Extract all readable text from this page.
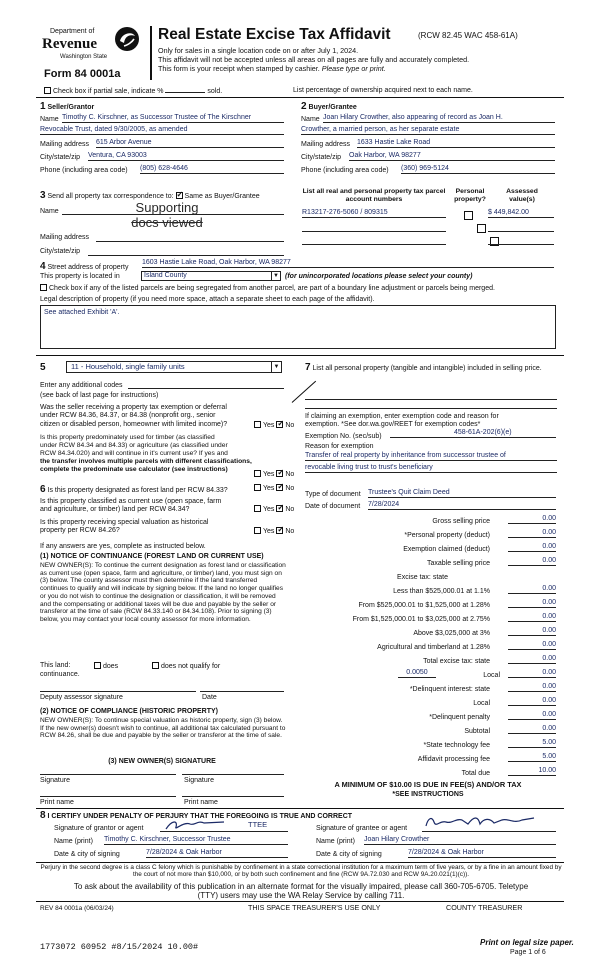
Department of
Revenue
Washington State
Form 84 0001a
Real Estate Excise Tax Affidavit	(RCW 82.45 WAC 458-61A)
Only for sales in a single location code on or after July 1, 2024.
This affidavit will not be accepted unless all areas on all pages are fully and accurately completed.
This form is your receipt when stamped by cashier. Please type or print.
Check box if partial sale, indicate %	sold.	List percentage of ownership acquired next to each name.
1 Seller/Grantor
Name Timothy C. Kirschner, as Successor Trustee of The Kirschner
Revocable Trust, dated 9/30/2005, as amended
Mailing address 615 Arbor Avenue
City/state/zip Ventura, CA 93003
Phone (including area code) (805) 628-4646
2 Buyer/Grantee
Name Joan Hilary Crowther, also appearing of record as Joan H.
Crowther, a married person, as her separate estate
Mailing address 1633 Hastie Lake Road
City/state/zip Oak Harbor, WA 98277
Phone (including area code) (360) 969-5124
3 Send all property tax correspondence to: ✓ Same as Buyer/Grantee
Name	Supporting
docs viewed
Mailing address
City/state/zip
List all real and personal property tax parcel account numbers
Personal property?
Assessed value(s)
R13217-276-5060 / 809315	$ 449,842.00

4 Street address of property
1603 Hastie Lake Road, Oak Harbor, WA 98277
This property is located in	Island County	▼ (for unincorporated locations please select your county)
Check box if any of the listed parcels are being segregated from another parcel, are part of a boundary line adjustment or parcels being merged.
Legal description of property (if you need more space, attach a separate sheet to each page of the affidavit).
See attached Exhibit 'A'.
5	11 - Household, single family units	▼
Enter any additional codes
(see back of last page for instructions)
Was the seller receiving a property tax exemption or deferral
under RCW 84.36, 84.37, or 84.38 (nonprofit org., senior
citizen or disabled person, homeowner with limited income)?	Yes ✓ No
Is this property predominately used for timber (as classified
under RCW 84.34 and 84.33) or agriculture (as classified under
RCW 84.34.020) and will continue in it's current use? If yes and
the transfer involves multiple parcels with different classifications,
complete the predominate use calculator (see instructions)
Yes ✓ No
6 Is this property designated as forest land per RCW 84.33?	Yes ✓ No
Is this property classified as current use (open space, farm
and agriculture, or timber) land per RCW 84.34?	Yes ✓ No
Is this property receiving special valuation as historical
property per RCW 84.26?	Yes ✓ No
If any answers are yes, complete as instructed below.
(1) NOTICE OF CONTINUANCE (FOREST LAND OR CURRENT USE)
NEW OWNER(S): To continue the current designation as forest land or classification as current use (open space, farm and agriculture, or timber) land, you must sign on (3) below. The county assessor must then determine if the land transferred continues to qualify and will indicate by signing below. If the land no longer qualifies or you do not wish to continue the designation or classification, it will be removed and the compensating or additional taxes will be due and payable by the seller or transferor at the time of sale (RCW 84.33.140 or 84.34.108). Prior to signing (3) below, you may contact your local county assessor for more information.
This land:	does	does not qualify for
continuance.
Deputy assessor signature	Date
(2) NOTICE OF COMPLIANCE (HISTORIC PROPERTY)
NEW OWNER(S): To continue special valuation as historic property, sign (3) below. If the new owner(s) doesn't wish to continue, all additional tax calculated pursuant to RCW 84.26, shall be due and payable by the seller or transferor at the time of sale.
(3) NEW OWNER(S) SIGNATURE
Signature	Signature
Print name	Print name
7 List all personal property (tangible and intangible) included in selling price.
If claiming an exemption, enter exemption code and reason for
exemption. *See dor.wa.gov/REET for exemption codes*
Exemption No. (sec/sub)
458-61A-202(6)(e)
Reason for exemption
Transfer of real property by inheritance from successor trustee of
revocable living trust to trust's beneficiary
Type of document Trustee's Quit Claim Deed
Date of document 7/28/2024
Gross selling price	0.00
*Personal property (deduct)	0.00
Exemption claimed (deduct)	0.00
Taxable selling price	0.00
Excise tax: state
Less than $525,000.01 at 1.1%	0.00
From $525,000.01 to $1,525,000 at 1.28%	0.00
From $1,525,000.01 to $3,025,000 at 2.75%	0.00
Above $3,025,000 at 3%	0.00
Agricultural and timberland at 1.28%	0.00
Total excise tax: state	0.00
0.0050	Local	0.00
*Delinquent interest: state	0.00
Local	0.00
*Delinquent penalty	0.00
Subtotal	0.00
*State technology fee	5.00
Affidavit processing fee	5.00
Total due	10.00
A MINIMUM OF $10.00 IS DUE IN FEE(S) AND/OR TAX
*SEE INSTRUCTIONS
8 I CERTIFY UNDER PENALTY OF PERJURY THAT THE FOREGOING IS TRUE AND CORRECT
Signature of grantor or agent	TTEE
Name (print) Timothy C. Kirschner, Successor Trustee
Date & city of signing	7/28/2024 & Oak Harbor
Signature of grantee or agent
Name (print) Joan Hilary Crowther
Date & city of signing	7/28/2024 & Oak Harbor
Perjury in the second degree is a class C felony which is punishable by confinement in a state correctional institution for a maximum term of five years, or by a fine in an amount fixed by the court of not more than $10,000, or by both such confinement and fine (RCW 9A.72.030 and RCW 9A.20.021(1)(c)).
To ask about the availability of this publication in an alternate format for the visually impaired, please call 360-705-6705. Teletype
(TTY) users may use the WA Relay Service by calling 711.
REV 84 0001a (06/03/24)	THIS SPACE TREASURER'S USE ONLY	COUNTY TREASURER
1773072 60952 #8/15/2024 10.00#	Print on legal size paper.
Page 1 of 6
